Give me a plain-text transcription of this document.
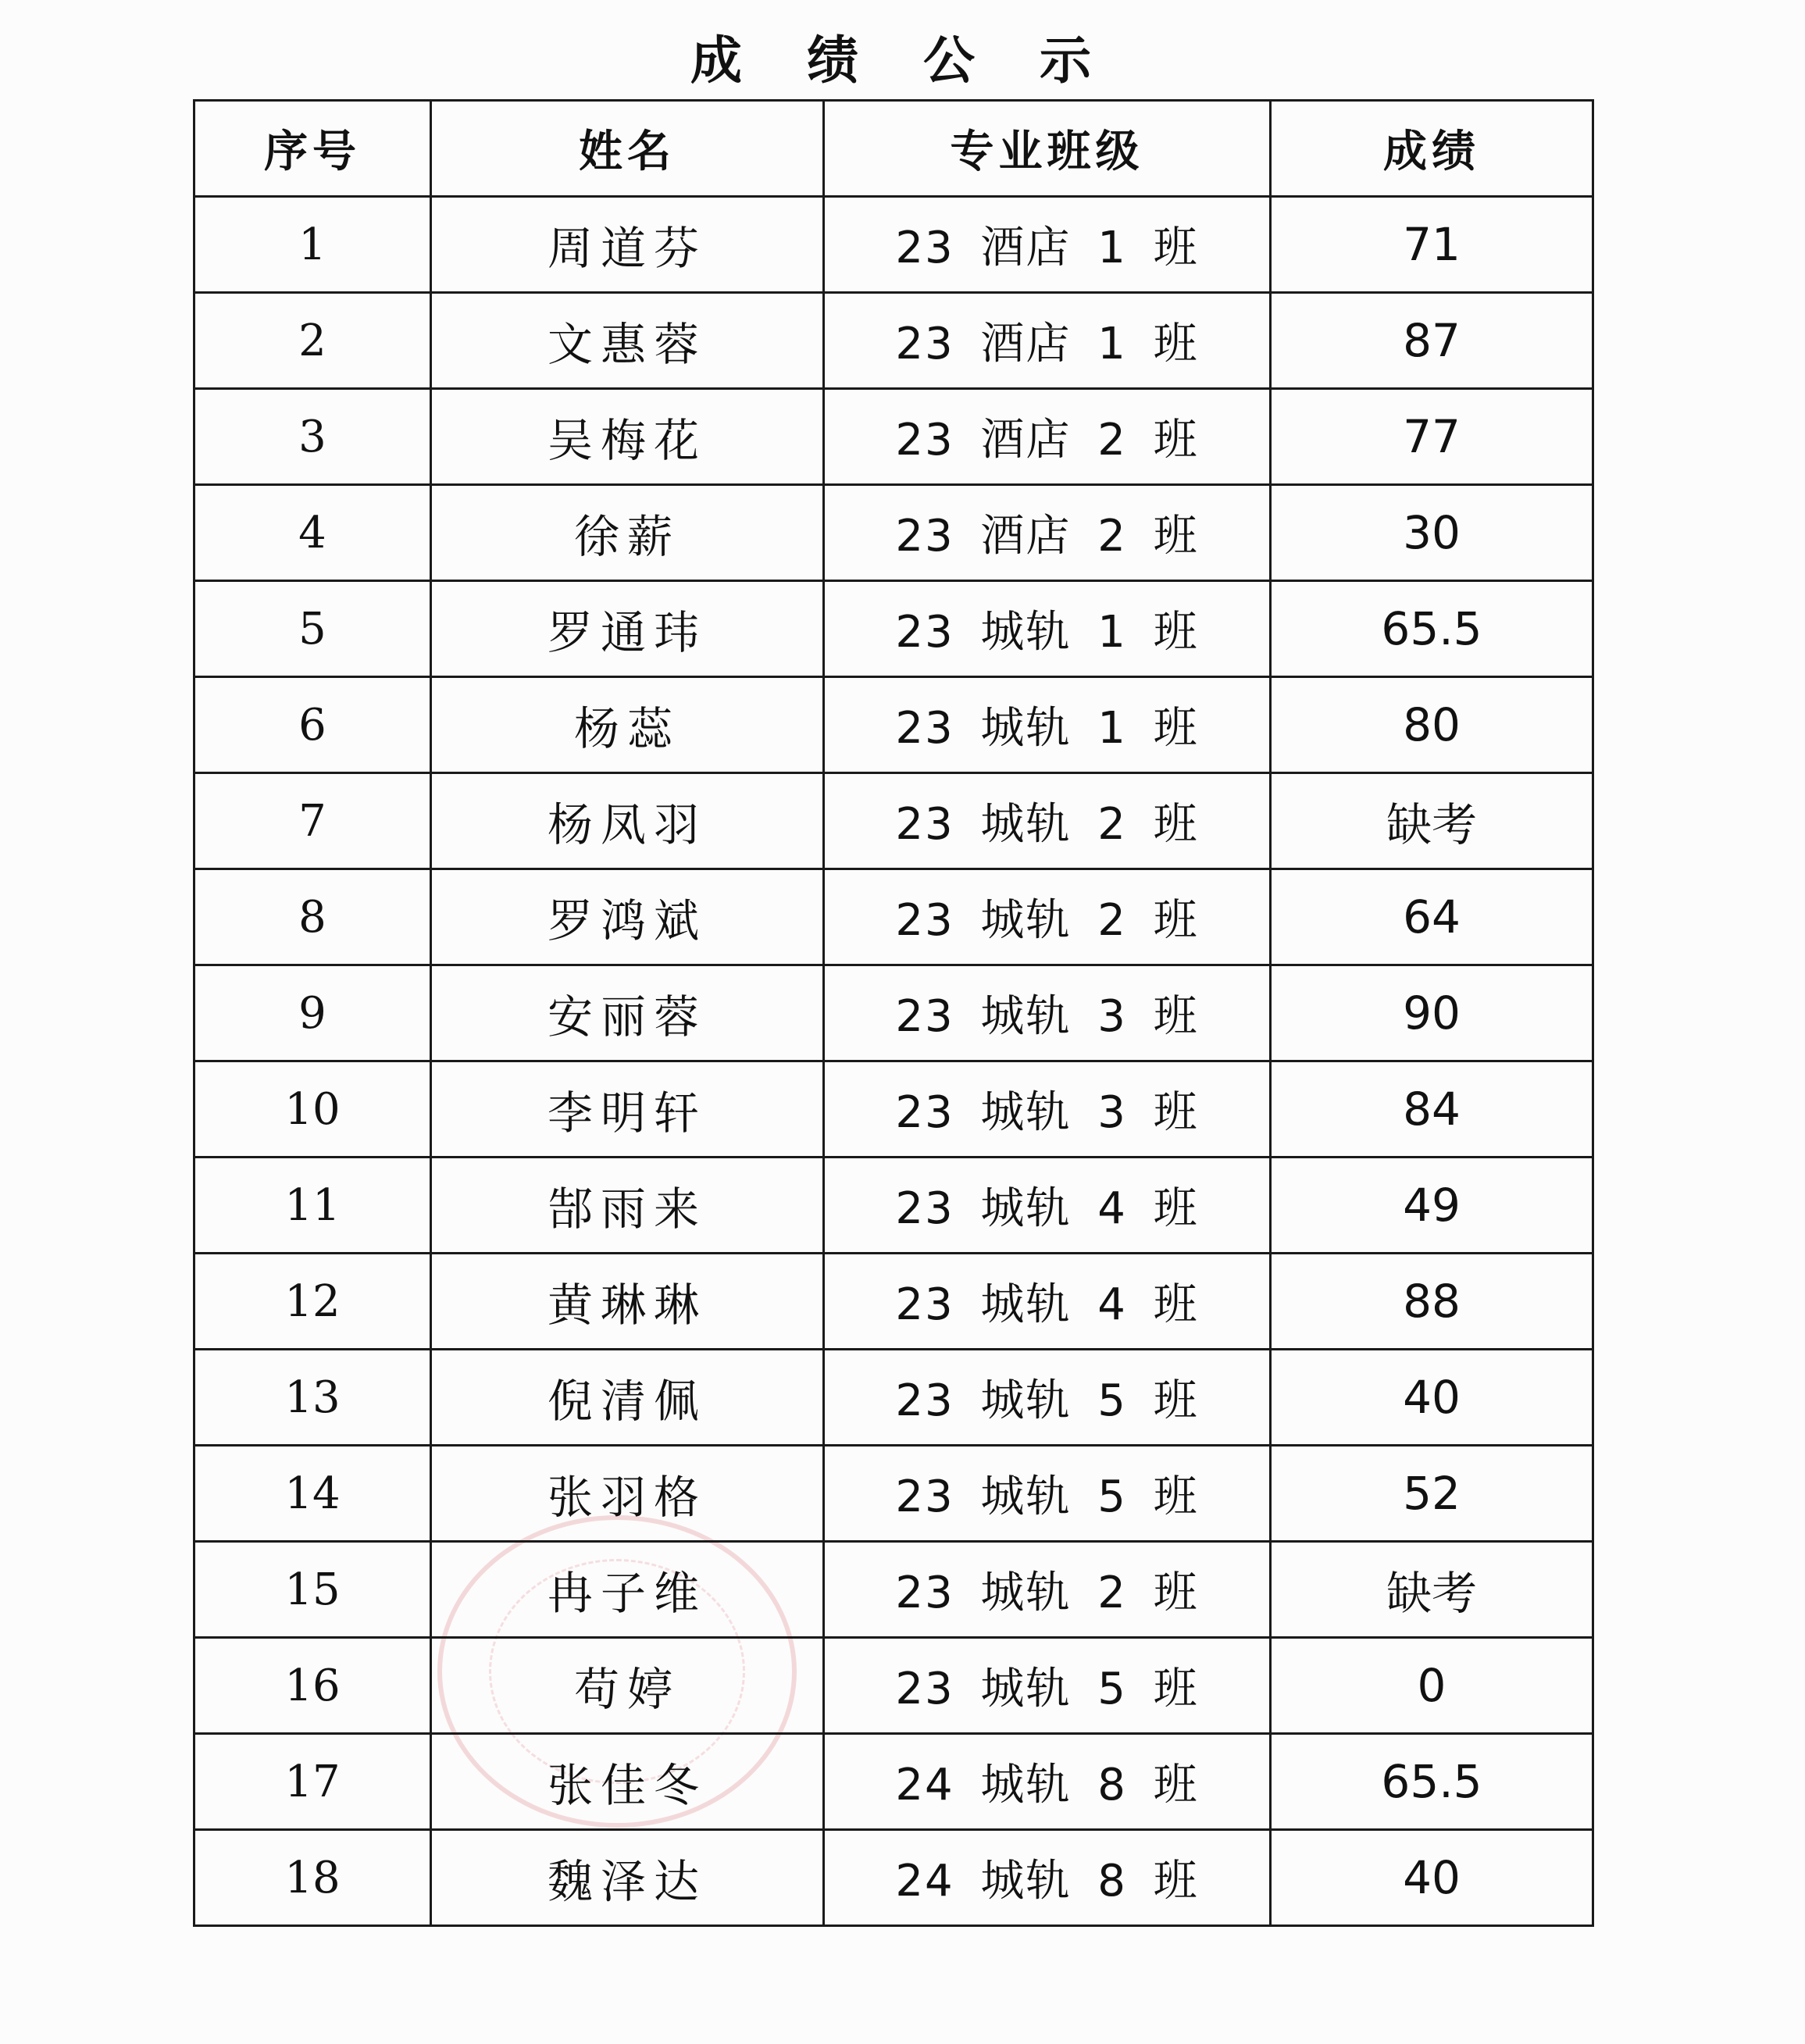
成 绩 公 示
序号	姓名	专业班级	成绩
1	周道芬	23 酒店 1 班	71
2	文惠蓉	23 酒店 1 班	87
3	吴梅花	23 酒店 2 班	77
4	徐薪	23 酒店 2 班	30
5	罗通玮	23 城轨 1 班	65.5
6	杨蕊	23 城轨 1 班	80
7	杨凤羽	23 城轨 2 班	缺考
8	罗鸿斌	23 城轨 2 班	64
9	安丽蓉	23 城轨 3 班	90
10	李明轩	23 城轨 3 班	84
11	郜雨来	23 城轨 4 班	49
12	黄琳琳	23 城轨 4 班	88
13	倪清佩	23 城轨 5 班	40
14	张羽格	23 城轨 5 班	52
15	冉子维	23 城轨 2 班	缺考
16	苟婷	23 城轨 5 班	0
17	张佳冬	24 城轨 8 班	65.5
18	魏泽达	24 城轨 8 班	40
